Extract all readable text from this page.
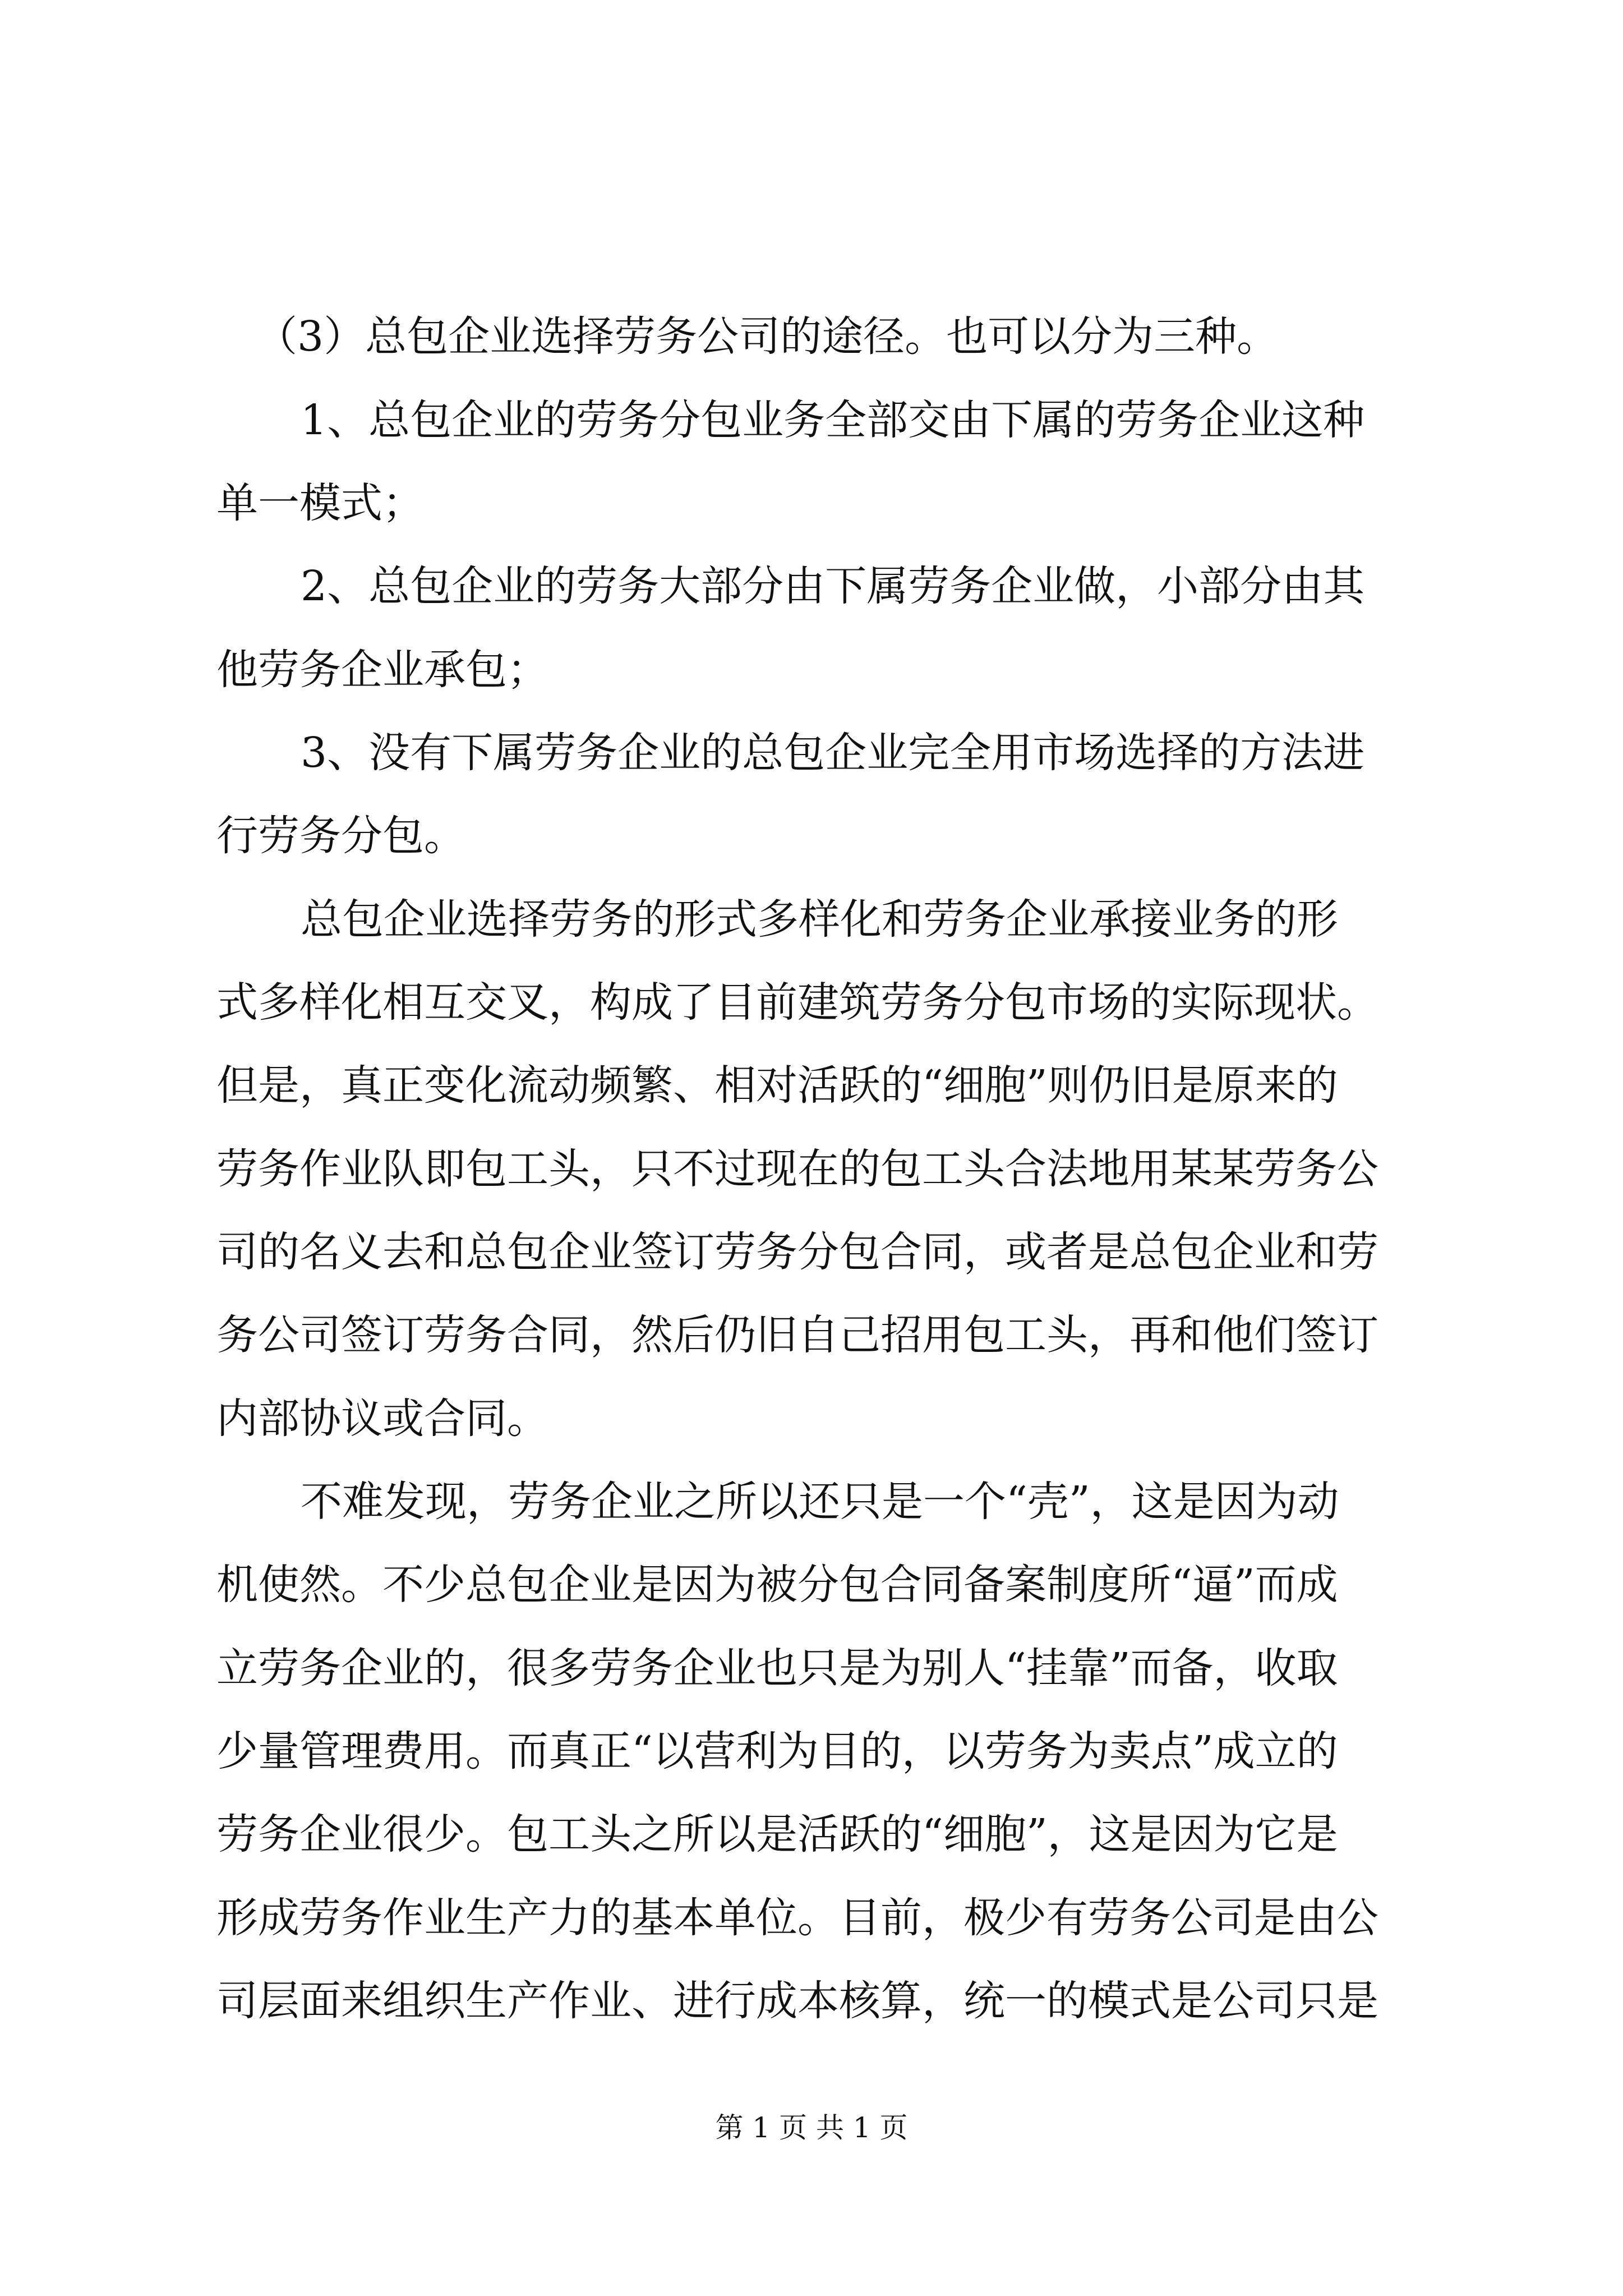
（3）总包企业选择劳务公司的途径。也可以分为三种。
1、总包企业的劳务分包业务全部交由下属的劳务企业这种
单一模式；
2、总包企业的劳务大部分由下属劳务企业做，小部分由其
他劳务企业承包；
3、没有下属劳务企业的总包企业完全用市场选择的方法进
行劳务分包。
总包企业选择劳务的形式多样化和劳务企业承接业务的形
式多样化相互交叉，构成了目前建筑劳务分包市场的实际现状。
但是，真正变化流动频繁、相对活跃的“细胞”则仍旧是原来的
劳务作业队即包工头，只不过现在的包工头合法地用某某劳务公
司的名义去和总包企业签订劳务分包合同，或者是总包企业和劳
务公司签订劳务合同，然后仍旧自己招用包工头，再和他们签订
内部协议或合同。
不难发现，劳务企业之所以还只是一个“壳”，这是因为动
机使然。不少总包企业是因为被分包合同备案制度所“逼”而成
立劳务企业的，很多劳务企业也只是为别人“挂靠”而备，收取
少量管理费用。而真正“以营利为目的，以劳务为卖点”成立的
劳务企业很少。包工头之所以是活跃的“细胞”，这是因为它是
形成劳务作业生产力的基本单位。目前，极少有劳务公司是由公
司层面来组织生产作业、进行成本核算，统一的模式是公司只是
第 1 页 共 1 页
